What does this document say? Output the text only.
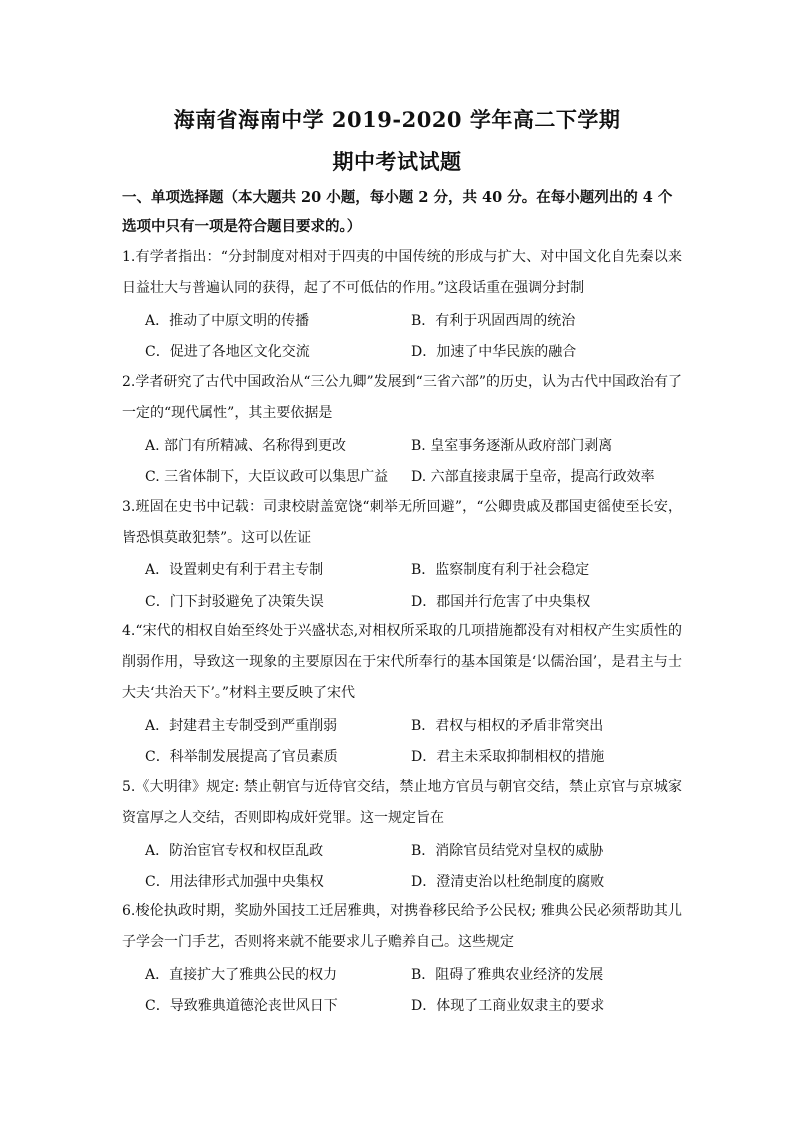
海南省海南中学 2019-2020 学年高二下学期
期中考试试题
一、单项选择题（本大题共 20 小题，每小题 2 分，共 40 分。在每小题列出的 4 个选项中只有一项是符合题目要求的。）
1.有学者指出：“分封制度对相对于四夷的中国传统的形成与扩大、对中国文化自先秦以来日益壮大与普遍认同的获得，起了不可低估的作用。”这段话重在强调分封制
A．推动了中原文明的传播	B．有利于巩固西周的统治
C．促进了各地区文化交流	D．加速了中华民族的融合
2.学者研究了古代中国政治从“三公九卿”发展到“三省六部”的历史，认为古代中国政治有了一定的“现代属性”，其主要依据是
A. 部门有所精减、名称得到更改	B. 皇室事务逐渐从政府部门剥离
C. 三省体制下，大臣议政可以集思广益 D. 六部直接隶属于皇帝，提高行政效率
3.班固在史书中记载：司隶校尉盖宽饶“刺举无所回避”，“公卿贵戚及郡国吏徭使至长安，皆恐惧莫敢犯禁”。这可以佐证
A．设置刺史有利于君主专制	B．监察制度有利于社会稳定
C．门下封驳避免了决策失误	D．郡国并行危害了中央集权
4.“宋代的相权自始至终处于兴盛状态,对相权所采取的几项措施都没有对相权产生实质性的削弱作用，导致这一现象的主要原因在于宋代所奉行的基本国策是‘以儒治国’，是君主与士大夫‘共治天下’。”材料主要反映了宋代
A．封建君主专制受到严重削弱	B．君权与相权的矛盾非常突出
C．科举制发展提高了官员素质	D．君主未采取抑制相权的措施
5.《大明律》规定: 禁止朝官与近侍官交结，禁止地方官员与朝官交结，禁止京官与京城家资富厚之人交结，否则即构成奸党罪。这一规定旨在
A．防治宦官专权和权臣乱政	B．消除官员结党对皇权的威胁
C．用法律形式加强中央集权	D．澄清吏治以杜绝制度的腐败
6.梭伦执政时期，奖励外国技工迁居雅典，对携眷移民给予公民权; 雅典公民必须帮助其儿子学会一门手艺，否则将来就不能要求儿子赡养自己。这些规定
A．直接扩大了雅典公民的权力	B．阻碍了雅典农业经济的发展
C．导致雅典道德沦丧世风日下	D．体现了工商业奴隶主的要求
